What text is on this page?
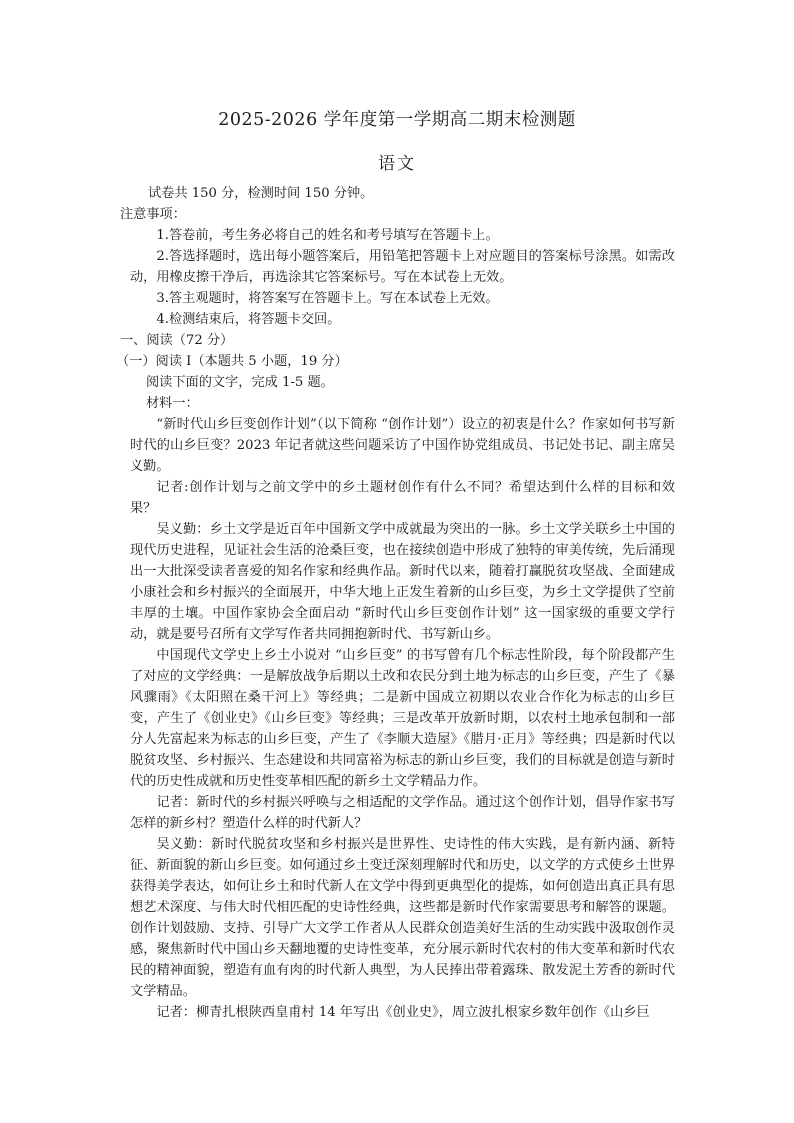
2025-2026 学年度第一学期高二期末检测题
语文

试卷共 150 分，检测时间 150 分钟。

注意事项：

1.答卷前，考生务必将自己的姓名和考号填写在答题卡上。

2.答选择题时，选出每小题答案后，用铅笔把答题卡上对应题目的答案标号涂黑。如需改动，用橡皮擦干净后，再选涂其它答案标号。写在本试卷上无效。

3.答主观题时，将答案写在答题卡上。写在本试卷上无效。

4.检测结束后，将答题卡交回。

一、阅读（72 分）

（一）阅读 I（本题共 5 小题，19 分）

阅读下面的文字，完成 1-5 题。

材料一：

“新时代山乡巨变创作计划”（以下简称 “创作计划”）设立的初衷是什么？作家如何书写新时代的山乡巨变？2023 年记者就这些问题采访了中国作协党组成员、书记处书记、副主席吴义勤。

记者:创作计划与之前文学中的乡土题材创作有什么不同？希望达到什么样的目标和效果？

吴义勤：乡土文学是近百年中国新文学中成就最为突出的一脉。乡土文学关联乡土中国的现代历史进程，见证社会生活的沧桑巨变，也在接续创造中形成了独特的审美传统，先后涌现出一大批深受读者喜爱的知名作家和经典作品。新时代以来，随着打赢脱贫攻坚战、全面建成小康社会和乡村振兴的全面展开，中华大地上正发生着新的山乡巨变，为乡土文学提供了空前丰厚的土壤。中国作家协会全面启动 “新时代山乡巨变创作计划” 这一国家级的重要文学行动，就是要号召所有文学写作者共同拥抱新时代、书写新山乡。

中国现代文学史上乡土小说对 “山乡巨变” 的书写曾有几个标志性阶段，每个阶段都产生了对应的文学经典：一是解放战争后期以土改和农民分到土地为标志的山乡巨变，产生了《暴风骤雨》《太阳照在桑干河上》等经典；二是新中国成立初期以农业合作化为标志的山乡巨变，产生了《创业史》《山乡巨变》等经典；三是改革开放新时期，以农村土地承包制和一部分人先富起来为标志的山乡巨变，产生了《李顺大造屋》《腊月·正月》等经典；四是新时代以脱贫攻坚、乡村振兴、生态建设和共同富裕为标志的新山乡巨变，我们的目标就是创造与新时代的历史性成就和历史性变革相匹配的新乡土文学精品力作。

记者：新时代的乡村振兴呼唤与之相适配的文学作品。通过这个创作计划，倡导作家书写怎样的新乡村？塑造什么样的时代新人？

吴义勤：新时代脱贫攻坚和乡村振兴是世界性、史诗性的伟大实践，是有新内涵、新特征、新面貌的新山乡巨变。如何通过乡土变迁深刻理解时代和历史，以文学的方式使乡土世界获得美学表达，如何让乡土和时代新人在文学中得到更典型化的提炼，如何创造出真正具有思想艺术深度、与伟大时代相匹配的史诗性经典，这些都是新时代作家需要思考和解答的课题。创作计划鼓励、支持、引导广大文学工作者从人民群众创造美好生活的生动实践中汲取创作灵感，聚焦新时代中国山乡天翻地覆的史诗性变革，充分展示新时代农村的伟大变革和新时代农民的精神面貌，塑造有血有肉的时代新人典型，为人民捧出带着露珠、散发泥土芳香的新时代文学精品。

记者：柳青扎根陕西皇甫村 14 年写出《创业史》，周立波扎根家乡数年创作《山乡巨
